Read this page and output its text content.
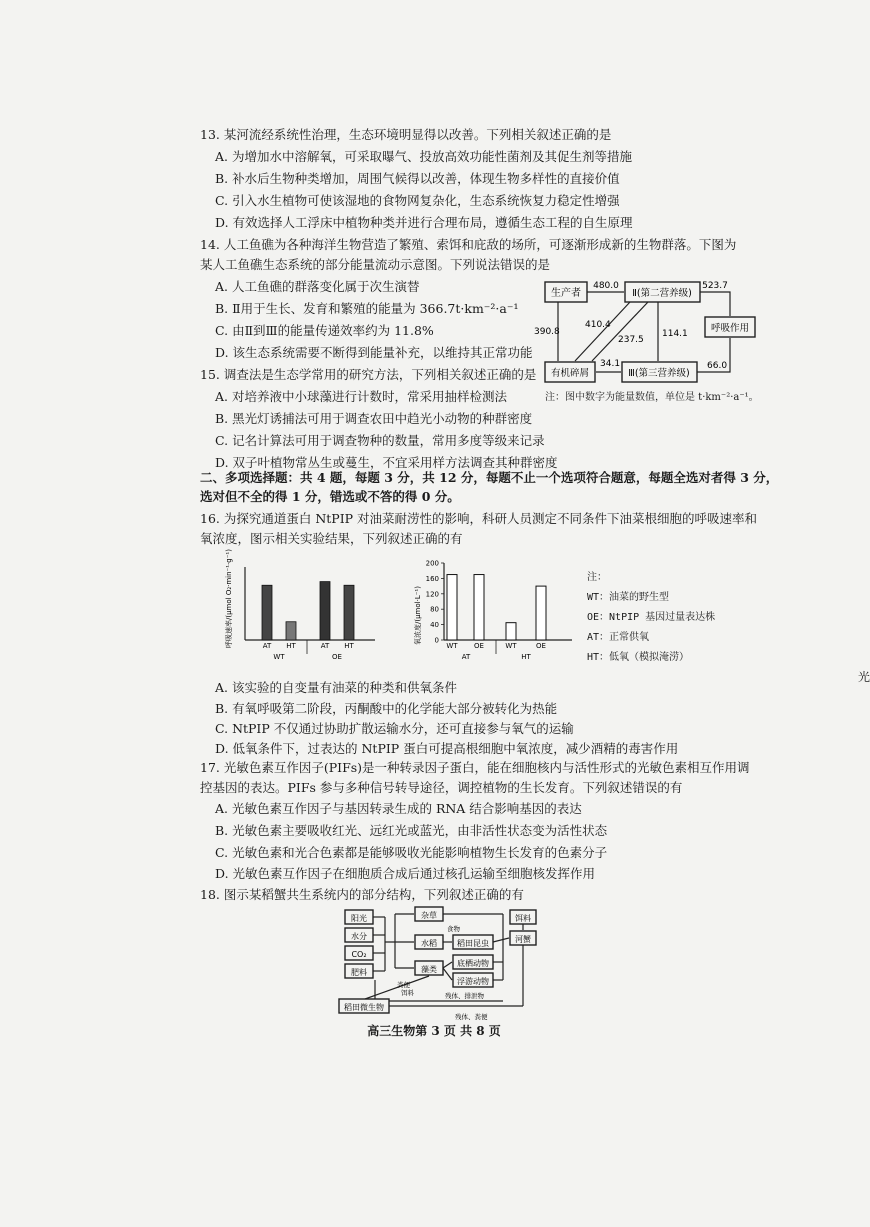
13. 某河流经系统性治理，生态环境明显得以改善。下列相关叙述正确的是
A. 为增加水中溶解氧，可采取曝气、投放高效功能性菌剂及其促生剂等措施
B. 补水后生物种类增加，周围气候得以改善，体现生物多样性的直接价值
C. 引入水生植物可使该湿地的食物网复杂化，生态系统恢复力稳定性增强
D. 有效选择人工浮床中植物种类并进行合理布局，遵循生态工程的自生原理
14. 人工鱼礁为各种海洋生物营造了繁殖、索饵和庇敌的场所，可逐渐形成新的生物群落。下图为
某人工鱼礁生态系统的部分能量流动示意图。下列说法错误的是
A. 人工鱼礁的群落变化属于次生演替
B. Ⅱ用于生长、发育和繁殖的能量为 366.7t·km⁻²·a⁻¹
C. 由Ⅱ到Ⅲ的能量传递效率约为 11.8%
D. 该生态系统需要不断得到能量补充，以维持其正常功能
生产者	Ⅱ(第二营养级)
呼吸作用
有机碎屑	Ⅲ(第三营养级)
480.0	523.7
390.8
410.4
237.5
114.1
34.1	66.0
注：图中数字为能量数值，单位是 t·km⁻²·a⁻¹。
15. 调查法是生态学常用的研究方法，下列相关叙述正确的是
A. 对培养液中小球藻进行计数时，常采用抽样检测法
B. 黑光灯诱捕法可用于调查农田中趋光小动物的种群密度
C. 记名计算法可用于调查物种的数量，常用多度等级来记录
D. 双子叶植物常丛生或蔓生，不宜采用样方法调查其种群密度
二、多项选择题：共 4 题，每题 3 分，共 12 分，每题不止一个选项符合题意，每题全选对者得 3 分，
选对但不全的得 1 分，错选或不答的得 0 分。
16. 为探究通道蛋白 NtPIP 对油菜耐涝性的影响，科研人员测定不同条件下油菜根细胞的呼吸速率和
氧浓度，图示相关实验结果，下列叙述正确的有
呼吸速率/(μmol O₂·min⁻¹·g⁻¹)	AT HT	AT HT
WT	OE
氧浓度/(μmol·L⁻¹) 0
40
80
120
160
200
WT OE	WT	OE
AT	HT
注：
WT：油菜的野生型
OE：NtPIP 基因过量表达株
AT：正常供氧
HT：低氧（模拟淹涝）
光
A. 该实验的自变量有油菜的种类和供氧条件
B. 有氧呼吸第二阶段，丙酮酸中的化学能大部分被转化为热能
C. NtPIP 不仅通过协助扩散运输水分，还可直接参与氧气的运输
D. 低氧条件下，过表达的 NtPIP 蛋白可提高根细胞中氧浓度，减少酒精的毒害作用
17. 光敏色素互作因子(PIFs)是一种转录因子蛋白，能在细胞核内与活性形式的光敏色素相互作用调
控基因的表达。PIFs 参与多种信号转导途径，调控植物的生长发育。下列叙述错误的有
A. 光敏色素互作因子与基因转录生成的 RNA 结合影响基因的表达
B. 光敏色素主要吸收红光、远红光或蓝光，由非活性状态变为活性状态
C. 光敏色素和光合色素都是能够吸收光能影响植物生长发育的色素分子
D. 光敏色素互作因子在细胞质合成后通过核孔运输至细胞核发挥作用
18. 图示某稻蟹共生系统内的部分结构，下列叙述正确的有
阳光
水分
CO₂
肥料
杂草
水稻
藻类
稻田昆虫
底栖动物
浮游动物
饵料
河蟹
稻田微生物
食物
粪便
饵料	残体、排泄物
残体、粪便
高三生物第 3 页 共 8 页
